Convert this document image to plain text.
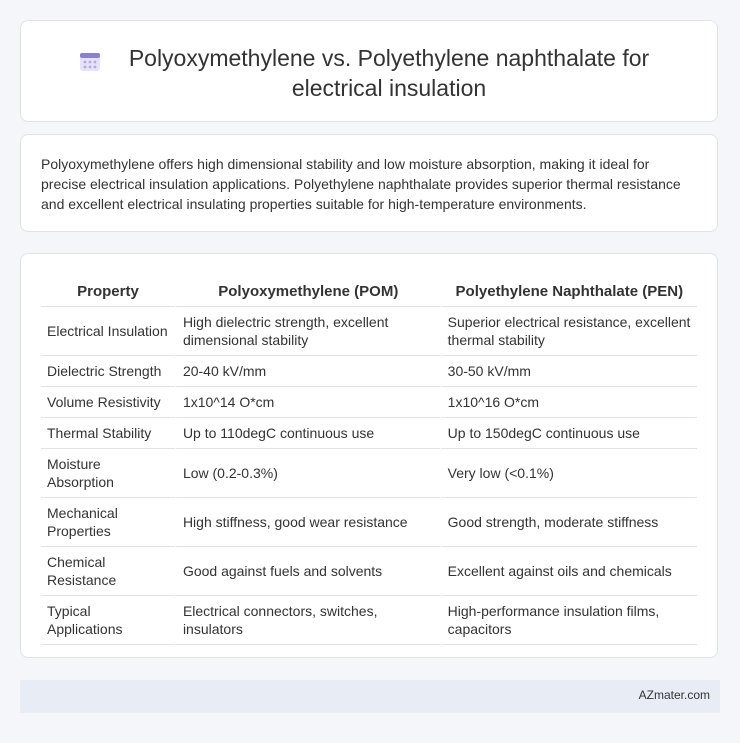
Polyoxymethylene vs. Polyethylene naphthalate for electrical insulation

Polyoxymethylene offers high dimensional stability and low moisture absorption, making it ideal for precise electrical insulation applications. Polyethylene naphthalate provides superior thermal resistance and excellent electrical insulating properties suitable for high-temperature environments.

Property	Polyoxymethylene (POM)	Polyethylene Naphthalate (PEN)
Electrical Insulation	High dielectric strength, excellent dimensional stability	Superior electrical resistance, excellent thermal stability
Dielectric Strength	20-40 kV/mm	30-50 kV/mm
Volume Resistivity	1x10^14 O*cm	1x10^16 O*cm
Thermal Stability	Up to 110degC continuous use	Up to 150degC continuous use
Moisture Absorption	Low (0.2-0.3%)	Very low (<0.1%)
Mechanical Properties	High stiffness, good wear resistance	Good strength, moderate stiffness
Chemical Resistance	Good against fuels and solvents	Excellent against oils and chemicals
Typical Applications	Electrical connectors, switches, insulators	High-performance insulation films, capacitors
AZmater.com
